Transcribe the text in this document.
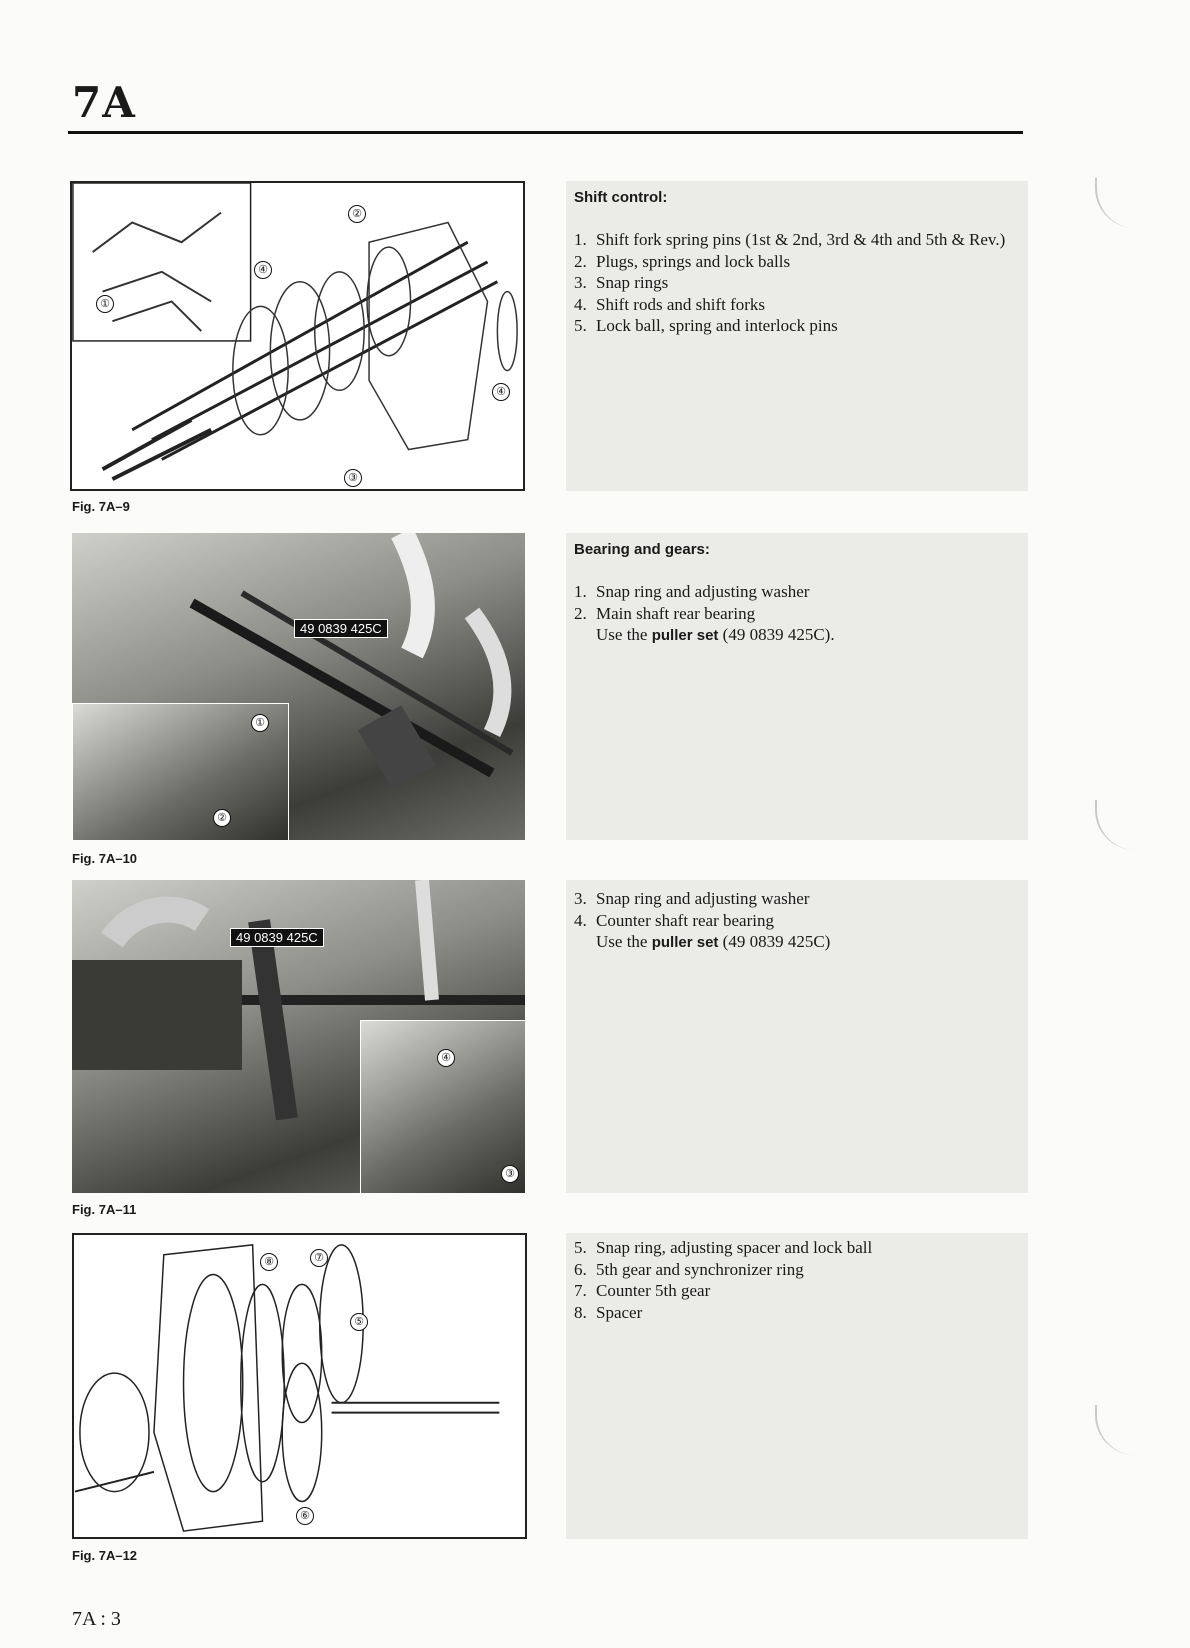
7A
①
②
④
④
③
Fig. 7A–9
Shift control:
1. Shift fork spring pins (1st & 2nd, 3rd & 4th and 5th & Rev.)
2. Plugs, springs and lock balls
3. Snap rings
4. Shift rods and shift forks
5. Lock ball, spring and interlock pins
①
②
49 0839 425C
Fig. 7A–10
Bearing and gears:
1. Snap ring and adjusting washer
2. Main shaft rear bearing
Use the puller set (49 0839 425C).
④
③
49 0839 425C
Fig. 7A–11
3. Snap ring and adjusting washer
4. Counter shaft rear bearing
Use the puller set (49 0839 425C)
⑧	⑦
⑤
⑥
Fig. 7A–12
5. Snap ring, adjusting spacer and lock ball
6. 5th gear and synchronizer ring
7. Counter 5th gear
8. Spacer
7A : 3
